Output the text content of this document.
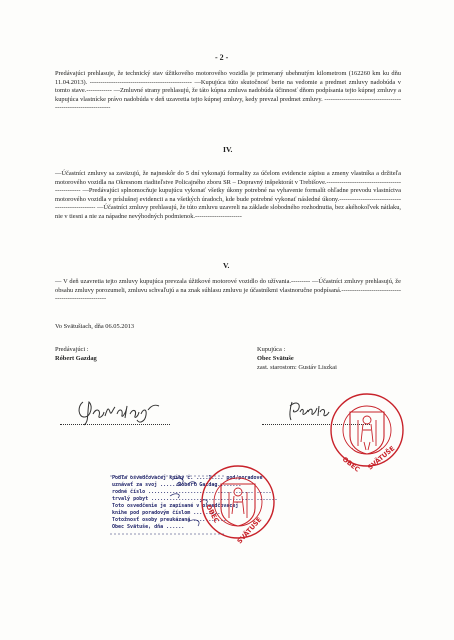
- 2 -
Predávajúci prehlasuje, že technický stav úžitkového motorového vozidla je primeraný ubehnutým kilometrom (162260 km ku dňu 11.04.2013). ------------------------------------------------ —Kupujúca túto skutočnosť berie na vedomie a predmet zmluvy nadobúda v tomto stave.------------ —Zmluvné strany prehlasujú, že táto kúpna zmluva nadobúda účinnosť dňom podpísania tejto kúpnej zmluvy a kupujúca vlastnícke právo nadobúda v deň uzavretia tejto kúpnej zmluvy, kedy prevzal predmet zmluvy. --------------------------------------------------------------
IV.
—Účastníci zmluvy sa zaväzujú, že najneskôr do 5 dní vykonajú formality za účelom evidencie zápisu a zmeny vlastníka a držiteľa motorového vozidla na Okresnom riaditeľstve Policajného zboru SR – Dopravný inšpektorát v Trebišove.----------------------------------------------- —Predávajúci splnomocňuje kupujúcu vykonať všetky úkony potrebné na vyhavenie formalít ohľadne prevodu vlastníctva motorového vozidla v príslušnej evidencii a na všetkých úradoch, kde bude potrebné vykonať následné úkony.------------------------------------------------ —Účastníci zmluvy prehlasujú, že túto zmluvu uzavreli na základe slobodného rozhodnutia, bez akéhokoľvek nátlaku, nie v tiesni a nie za nápadne nevýhodných podmienok.----------------------
V.
— V deň uzavretia tejto zmluvy kupujúca prevzala úžitkové motorové vozidlo do užívania.--------- —Účastníci zmluvy prehlasujú, že obsahu zmluvy porozumeli, zmluvu schvaľujú a na znak súhlasu zmluvu je účastníkmi vlastnoručne podpísaná.----------------------------------------------------
Vo Svätušiach, dňa 06.05.2013
Predávajúci :
Róbert Gazdag
Kupujúca :
Obec Svätuše
zast. starostom: Gustáv Liszkai
OBEC SVÄTUŠE
Podľa osvedčovacej knihy č. ....1.... pod/poradové
uznávať za svoj ......Róbert Gazdag........
rodné číslo .........................................
trvalý pobyt ..........................................
Toto osvedčenie je zapísané v osvedčovacej
knihe pod poradovým číslom ..........
Totožnosť osoby preukázaná ...........
Obec Svätuše, dňa ......
OBEC
SVÄTUŠE
